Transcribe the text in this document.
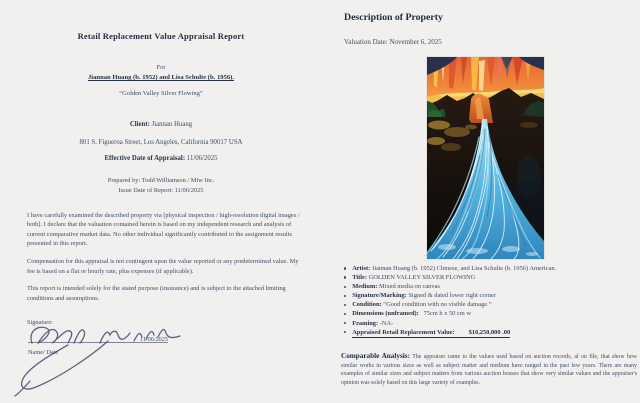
Retail Replacement Value Appraisal Report
For
Jiannan Huang (b. 1952) and Lisa Schulte (b. 1956).
“Golden Valley Silver Flowing”
Client: Jiannan Huang
801 S. Figueroa Street, Los Angeles, California 90017 USA
Effective Date of Appraisal: 11/06/2025
Prepared by: Todd Williamson / Mtw Inc.
Issue Date of Report: 11/06/2025

I have carefully examined the described property via [physical inspection / high-resolution digital images / both]. I declare that the valuation contained herein is based on my independent research and analysis of current comparative market data. No other individual significantly contributed to the assignment results presented in this report.

Compensation for this appraisal is not contingent upon the value reported or any predetermined value. My fee is based on a flat or hourly rate, plus expenses (if applicable).

This report is intended solely for the stated purpose (insurance) and is subject to the attached limiting conditions and assumptions.

Signature:
11/06/2025
Name/ Date
Description of Property
Valuation Date: November 6, 2025
Artist: Jiannan Huang (b. 1952) Chinese, and Lisa Schulte (b. 1956) American.
Title: GOLDEN VALLEY SILVER FLOWING
Medium: Mixed media on canvas
Signature/Marking: Signed & dated lower right corner
Condition: “Good condition with no visible damage.”
Dimensions (unframed): 75cm h x 50 cm w
Framing: -NA-
Appraised Retail Replacement Value: $10,250,000 .00

Comparable Analysis: The appraiser came to the values used based on auction records, al on file, that show how similar works in various sizes as well as subject matter and medium have ranged in the past few years. There are many examples of similar sizes and subject matters from various auction houses that show very similar values and the appraiser's opinion was solely based on this large variety of examples.
